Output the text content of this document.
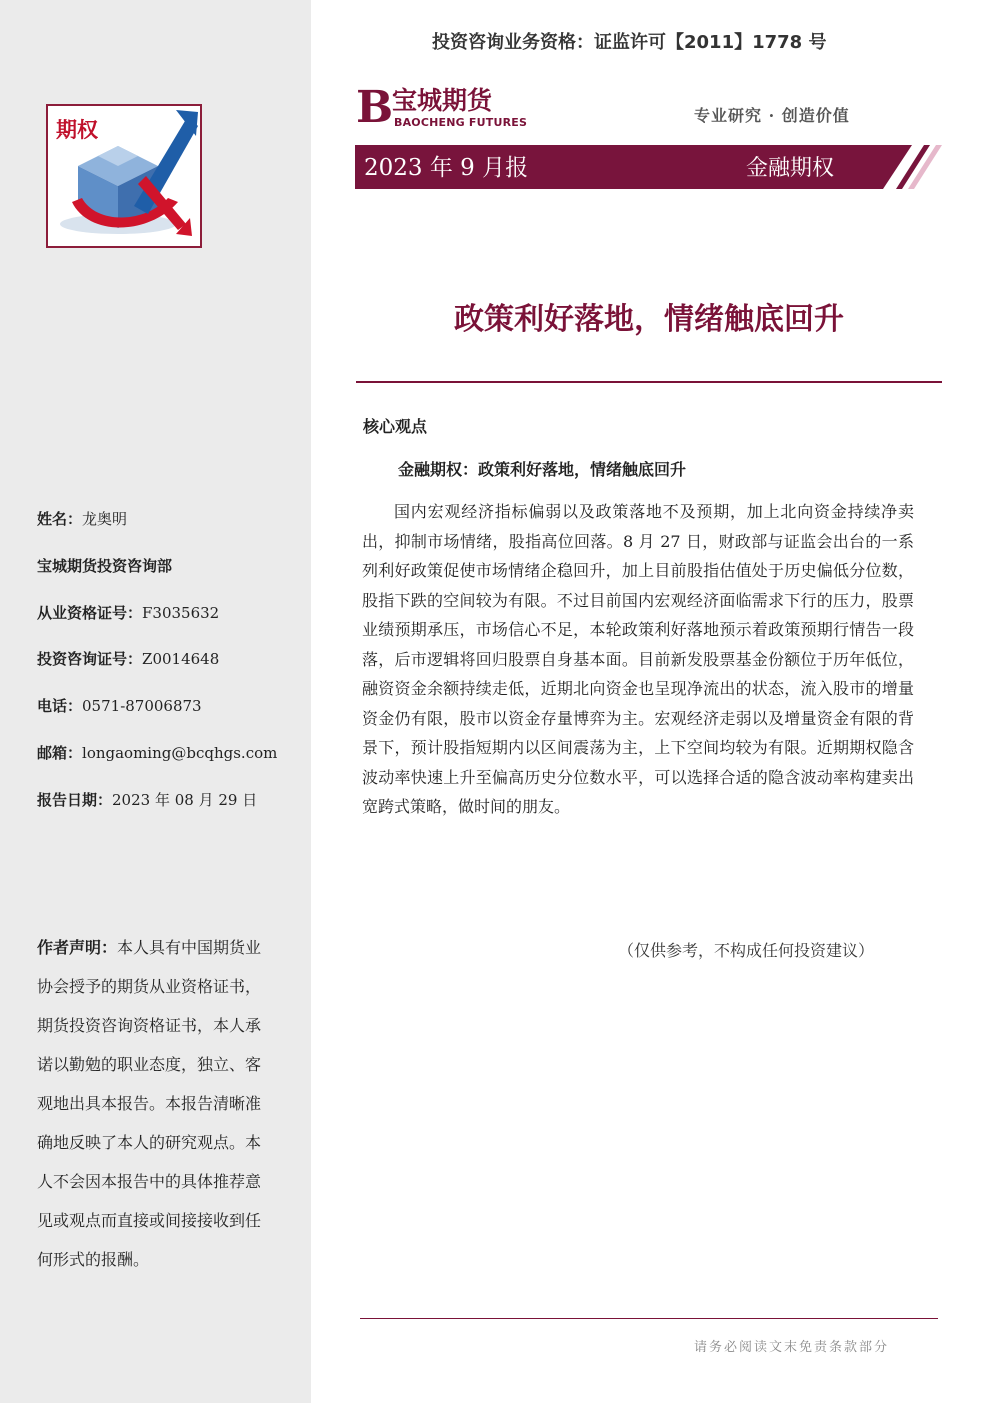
期权
姓名：龙奥明
宝城期货投资咨询部
从业资格证号：F3035632
投资咨询证号：Z0014648
电话：0571-87006873
邮箱：longaoming@bcqhgs.com
报告日期：2023 年 08 月 29 日
作者声明：本人具有中国期货业协会授予的期货从业资格证书，期货投资咨询资格证书，本人承诺以勤勉的职业态度，独立、客观地出具本报告。本报告清晰准确地反映了本人的研究观点。本人不会因本报告中的具体推荐意见或观点而直接或间接接收到任何形式的报酬。
投资咨询业务资格：证监许可【2011】1778 号
B
宝城期货
BAOCHENG FUTURES	专业研究 · 创造价值
2023 年 9 月报	金融期权
政策利好落地，情绪触底回升
核心观点
金融期权：政策利好落地，情绪触底回升
国内宏观经济指标偏弱以及政策落地不及预期，加上北向资金持续净卖出，抑制市场情绪，股指高位回落。8 月 27 日，财政部与证监会出台的一系列利好政策促使市场情绪企稳回升，加上目前股指估值处于历史偏低分位数，股指下跌的空间较为有限。不过目前国内宏观经济面临需求下行的压力，股票业绩预期承压，市场信心不足，本轮政策利好落地预示着政策预期行情告一段落，后市逻辑将回归股票自身基本面。目前新发股票基金份额位于历年低位，融资资金余额持续走低，近期北向资金也呈现净流出的状态，流入股市的增量资金仍有限，股市以资金存量博弈为主。宏观经济走弱以及增量资金有限的背景下，预计股指短期内以区间震荡为主，上下空间均较为有限。近期期权隐含波动率快速上升至偏高历史分位数水平，可以选择合适的隐含波动率构建卖出宽跨式策略，做时间的朋友。
（仅供参考，不构成任何投资建议）
请务必阅读文末免责条款部分
